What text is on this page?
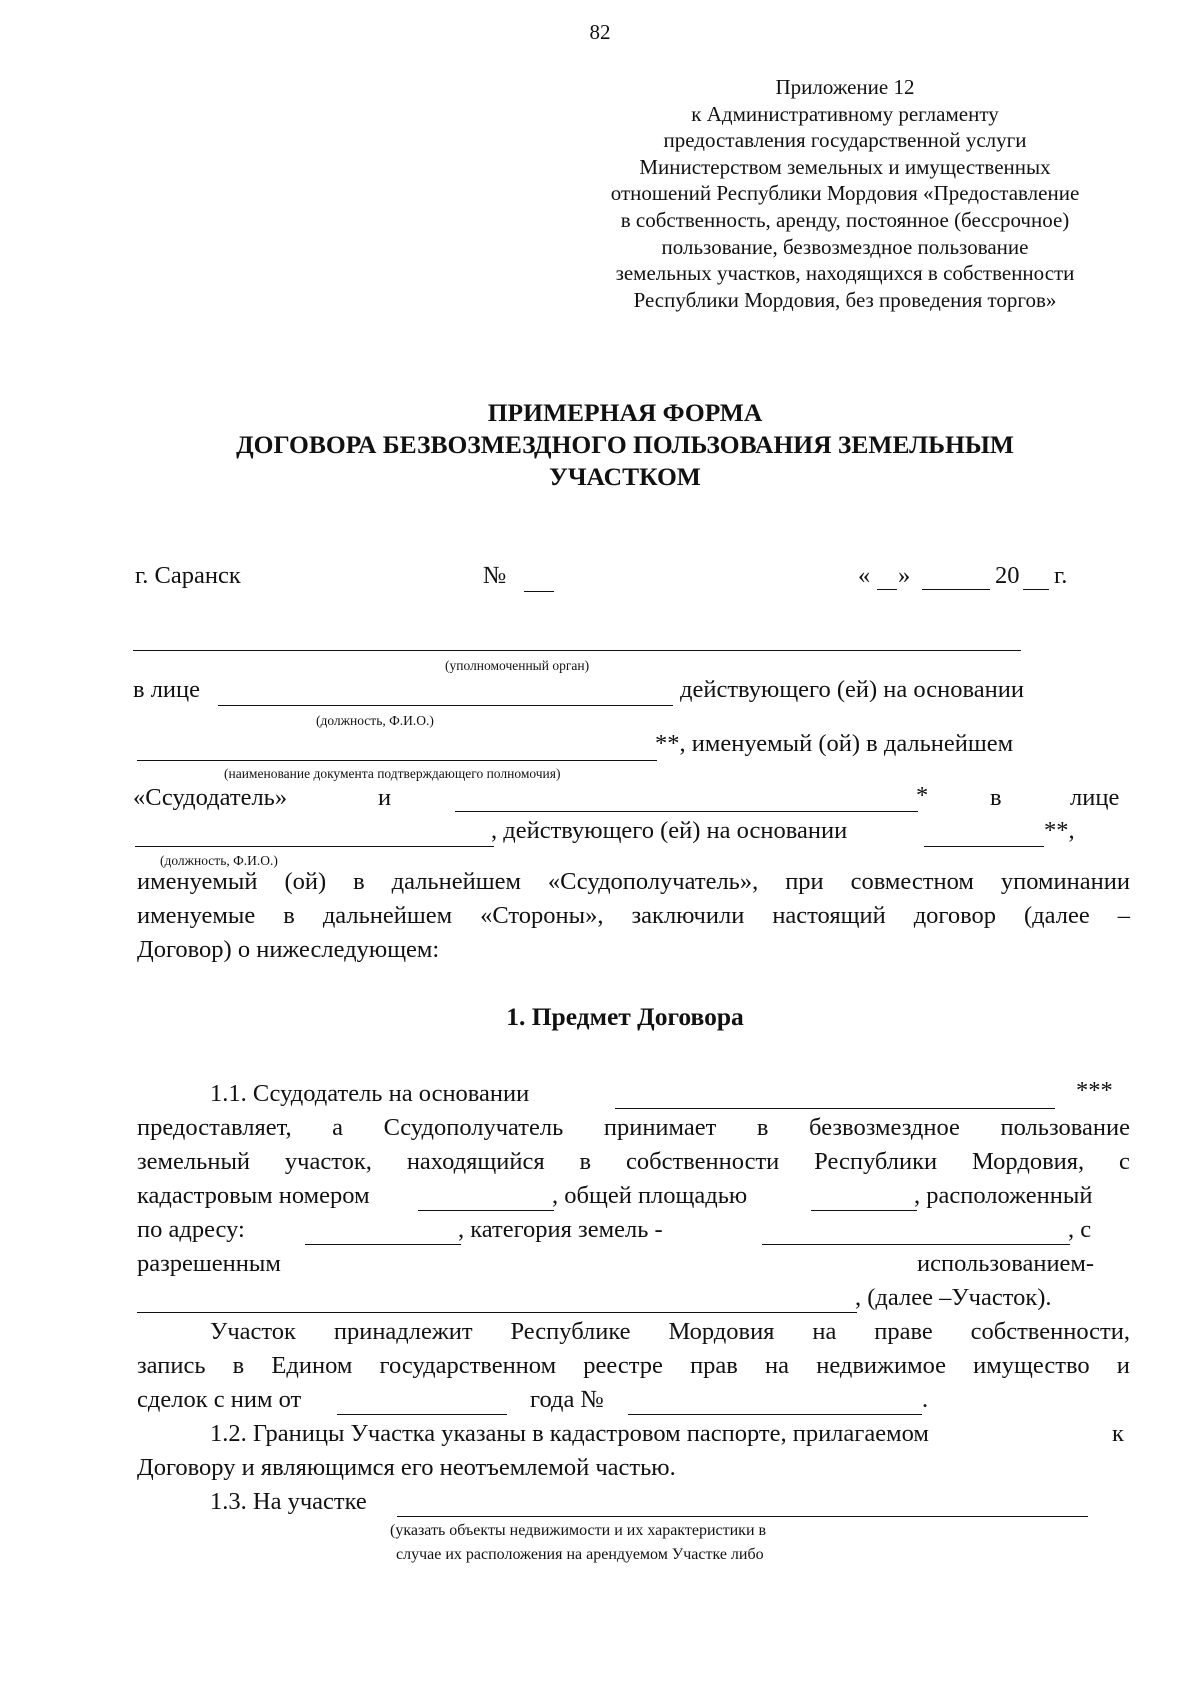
82
Приложение 12
к Административному регламенту
предоставления государственной услуги
Министерством земельных и имущественных
отношений Республики Мордовия «Предоставление
в собственность, аренду, постоянное (бессрочное)
пользование, безвозмездное пользование
земельных участков, находящихся в собственности
Республики Мордовия, без проведения торгов»
ПРИМЕРНАЯ ФОРМА
ДОГОВОРА БЕЗВОЗМЕЗДНОГО ПОЛЬЗОВАНИЯ ЗЕМЕЛЬНЫМ
УЧАСТКОМ
г. Саранск	№	« »	20 г.
(уполномоченный орган)
в лице	действующего (ей) на основании
(должность, Ф.И.О.)
**, именуемый (ой) в дальнейшем
(наименование документа подтверждающего полномочия)
«Ссудодатель»	и	*	в	лице
, действующего (ей) на основании	**,
(должность, Ф.И.О.)
именуемый (ой) в дальнейшем «Ссудополучатель», при совместном упоминании
именуемые в дальнейшем «Стороны», заключили настоящий договор (далее –
Договор) о нижеследующем:
1. Предмет Договора
1.1. Ссудодатель на основании	***
предоставляет, а Ссудополучатель принимает в безвозмездное пользование
земельный участок, находящийся в собственности Республики Мордовия, с
кадастровым номером	, общей площадью	, расположенный
по адресу:	, категория земель -	, с
разрешенным	использованием-
, (далее –Участок).
Участок принадлежит Республике Мордовия на праве собственности,
запись в Едином государственном реестре прав на недвижимое имущество и
сделок с ним от	года №	.
1.2. Границы Участка указаны в кадастровом паспорте, прилагаемом	к
Договору и являющимся его неотъемлемой частью.
1.3. На участке
(указать объекты недвижимости и их характеристики в
случае их расположения на арендуемом Участке либо
